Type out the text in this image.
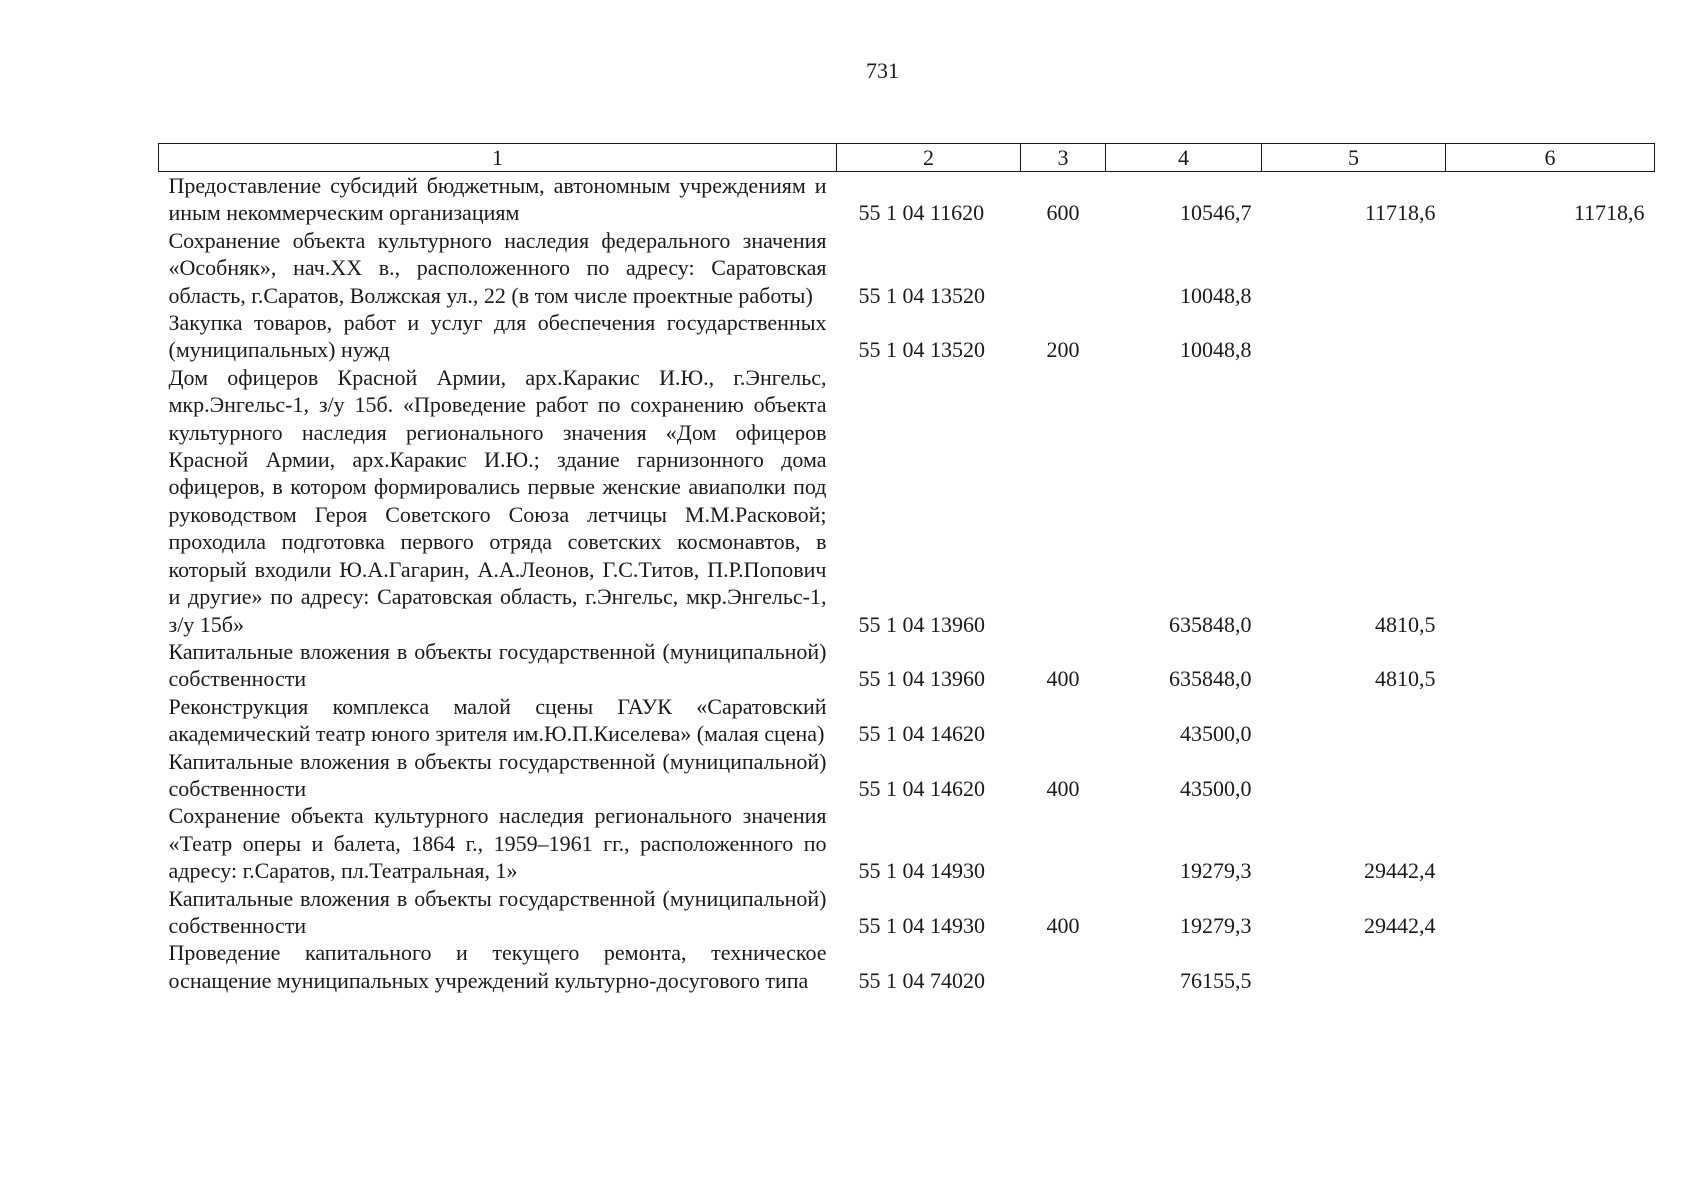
731
1	2	3	4	5	6
Предоставление субсидий бюджетным, автономным учреждениям и иным некоммерческим организациям	55 1 04 11620	600	10546,7	11718,6	11718,6
Сохранение объекта культурного наследия федерального значения «Особняк», нач.XX в., расположенного по адресу: Саратовская область, г.Саратов, Волжская ул., 22 (в том числе проектные работы)	55 1 04 13520		10048,8		
Закупка товаров, работ и услуг для обеспечения государственных (муниципальных) нужд	55 1 04 13520	200	10048,8		
Дом офицеров Красной Армии, арх.Каракис И.Ю., г.Энгельс, мкр.Энгельс-1, з/у 15б. «Проведение работ по сохранению объекта культурного наследия регионального значения «Дом офицеров Красной Армии, арх.Каракис И.Ю.; здание гарнизонного дома офицеров, в котором формировались первые женские авиаполки под руководством Героя Советского Союза летчицы М.М.Расковой; проходила подготовка первого отряда советских космонавтов, в который входили Ю.А.Гагарин, А.А.Леонов, Г.С.Титов, П.Р.Попович и другие» по адресу: Саратовская область, г.Энгельс, мкр.Энгельс-1, з/у 15б»	55 1 04 13960		635848,0	4810,5	
Капитальные вложения в объекты государственной (муниципальной) собственности	55 1 04 13960	400	635848,0	4810,5	
Реконструкция комплекса малой сцены ГАУК «Саратовский академический театр юного зрителя им.Ю.П.Киселева» (малая сцена)	55 1 04 14620		43500,0		
Капитальные вложения в объекты государственной (муниципальной) собственности	55 1 04 14620	400	43500,0		
Сохранение объекта культурного наследия регионального значения «Театр оперы и балета, 1864 г., 1959–1961 гг., расположенного по адресу: г.Саратов, пл.Театральная, 1»	55 1 04 14930		19279,3	29442,4	
Капитальные вложения в объекты государственной (муниципальной) собственности	55 1 04 14930	400	19279,3	29442,4	
Проведение капитального и текущего ремонта, техническое оснащение муниципальных учреждений культурно-досугового типа	55 1 04 74020		76155,5		
